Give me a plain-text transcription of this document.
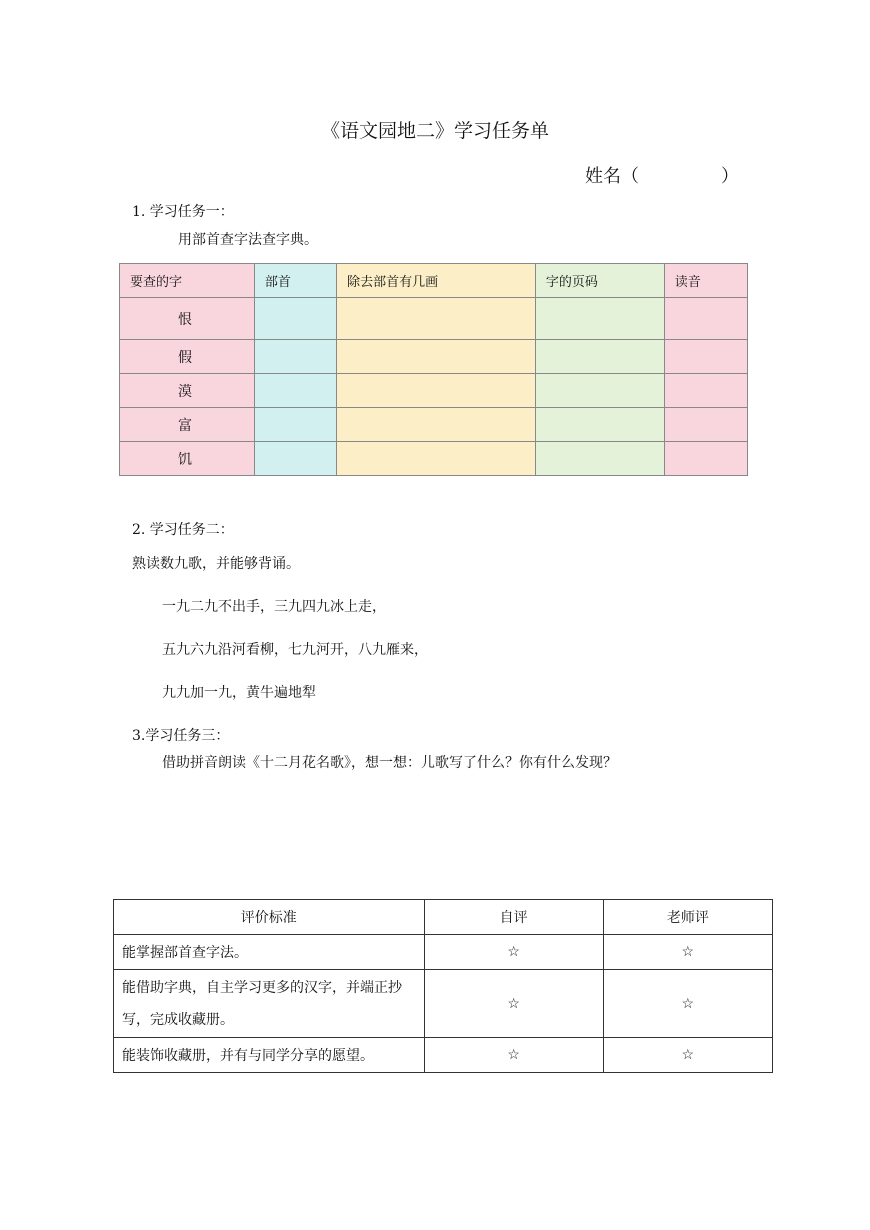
《语文园地二》学习任务单
姓名（	）
1. 学习任务一：
用部首查字法查字典。
要查的字	部首	除去部首有几画	字的页码	读音
恨				
假				
漠				
富				
饥				
2. 学习任务二：
熟读数九歌，并能够背诵。
一九二九不出手，三九四九冰上走，
五九六九沿河看柳，七九河开，八九雁来，
九九加一九，黄牛遍地犁
3.学习任务三：
借助拼音朗读《十二月花名歌》，想一想：儿歌写了什么？你有什么发现？
评价标准	自评	老师评
能掌握部首查字法。	☆	☆
能借助字典，自主学习更多的汉字，并端正抄写，完成收藏册。	☆	☆
能装饰收藏册，并有与同学分享的愿望。	☆	☆
